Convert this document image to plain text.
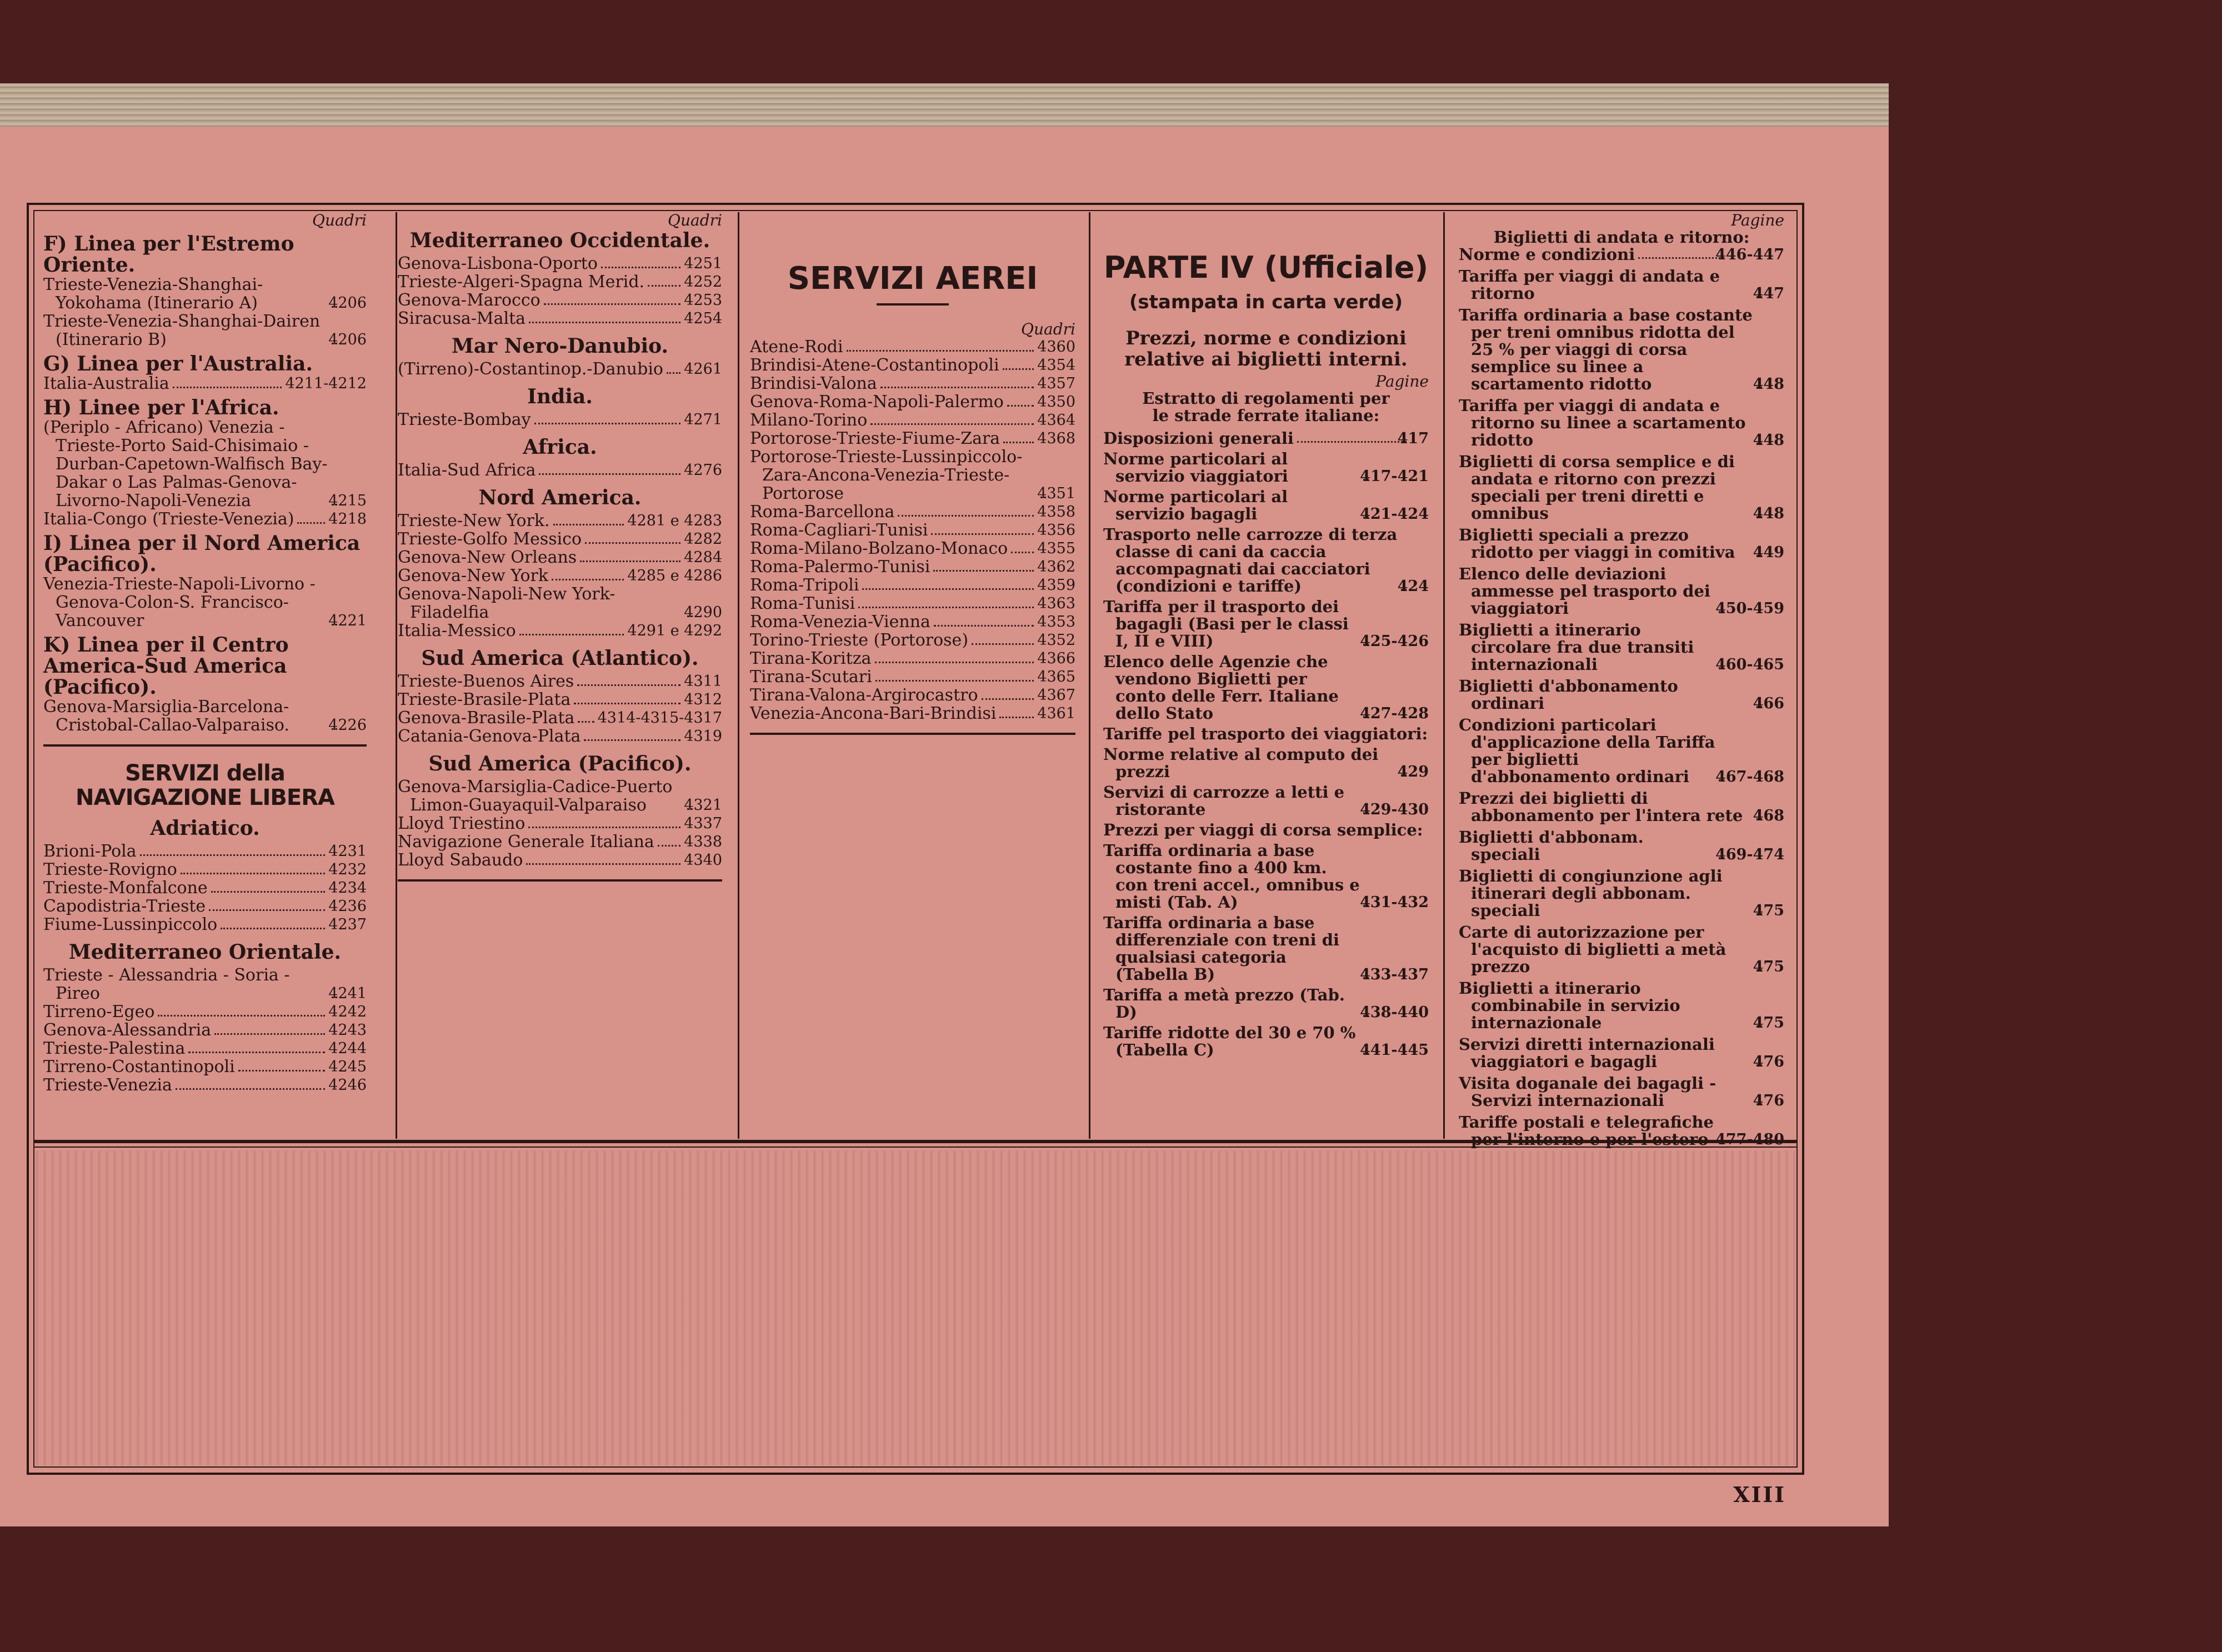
Quadri
F) Linea per l'Estremo Oriente.
Trieste-Venezia-Shanghai-Yokohama (Itinerario A)	4206
Trieste-Venezia-Shanghai-Dairen (Itinerario B)	4206
G) Linea per l'Australia.
Italia-Australia	4211-4212
H) Linee per l'Africa.
(Periplo - Africano) Venezia - Trieste-Porto Said-Chisimaio -Durban-Capetown-Walfisch Bay-Dakar o Las Palmas-Genova-Livorno-Napoli-Venezia	4215
Italia-Congo (Trieste-Venezia) 4218
I) Linea per il Nord America (Pacifico).
Venezia-Trieste-Napoli-Livorno -Genova-Colon-S. Francisco-Vancouver	4221
K) Linea per il Centro America-Sud America (Pacifico).
Genova-Marsiglia-Barcelona-Cristobal-Callao-Valparaiso.	4226
SERVIZI della NAVIGAZIONE LIBERA
Adriatico.
Brioni-Pola	4231
Trieste-Rovigno	4232
Trieste-Monfalcone	4234
Capodistria-Trieste	4236
Fiume-Lussinpiccolo	4237
Mediterraneo Orientale.
Trieste - Alessandria - Soria - Pireo	4241
Tirreno-Egeo	4242
Genova-Alessandria	4243
Trieste-Palestina	4244
Tirreno-Costantinopoli	4245
Trieste-Venezia	4246
Quadri
Mediterraneo Occidentale.
Genova-Lisbona-Oporto	4251
Trieste-Algeri-Spagna Merid.	4252
Genova-Marocco	4253
Siracusa-Malta	4254
Mar Nero-Danubio.
(Tirreno)-Costantinop.-Danubio 4261
India.
Trieste-Bombay	4271
Africa.
Italia-Sud Africa	4276
Nord America.
Trieste-New York.	4281 e 4283
Trieste-Golfo Messico	4282
Genova-New Orleans	4284
Genova-New York	4285 e 4286
Genova-Napoli-New York-Filadelfia	4290
Italia-Messico	4291 e 4292
Sud America (Atlantico).
Trieste-Buenos Aires	4311
Trieste-Brasile-Plata	4312
Genova-Brasile-Plata 4314-4315-4317
Catania-Genova-Plata	4319
Sud America (Pacifico).
Genova-Marsiglia-Cadice-Puerto Limon-Guayaquil-Valparaiso	4321
Lloyd Triestino	4337
Navigazione Generale Italiana 4338
Lloyd Sabaudo	4340
SERVIZI AEREI
Quadri
Atene-Rodi	4360
Brindisi-Atene-Costantinopoli	4354
Brindisi-Valona	4357
Genova-Roma-Napoli-Palermo 4350
Milano-Torino	4364
Portorose-Trieste-Fiume-Zara 4368
Portorose-Trieste-Lussinpiccolo-Zara-Ancona-Venezia-Trieste-Portorose	4351
Roma-Barcellona	4358
Roma-Cagliari-Tunisi	4356
Roma-Milano-Bolzano-Monaco 4355
Roma-Palermo-Tunisi	4362
Roma-Tripoli	4359
Roma-Tunisi	4363
Roma-Venezia-Vienna	4353
Torino-Trieste (Portorose)	4352
Tirana-Koritza	4366
Tirana-Scutari	4365
Tirana-Valona-Argirocastro	4367
Venezia-Ancona-Bari-Brindisi	4361
PARTE IV (Ufficiale)
(stampata in carta verde)
Prezzi, norme e condizioni relative ai biglietti interni.
Pagine
Estratto di regolamenti per le strade ferrate italiane:
Disposizioni generali	417
Norme particolari al servizio viaggiatori	417-421
Norme particolari al servizio bagagli	421-424
Trasporto nelle carrozze di terza classe di cani da caccia accompagnati dai cacciatori (condizioni e tariffe)	424
Tariffa per il trasporto dei bagagli (Basi per le classi I, II e VIII)	425-426
Elenco delle Agenzie che vendono Biglietti per conto delle Ferr. Italiane dello Stato	427-428
Tariffe pel trasporto dei viaggiatori:
Norme relative al computo dei prezzi	429
Servizi di carrozze a letti e ristorante	429-430
Prezzi per viaggi di corsa semplice:
Tariffa ordinaria a base costante fino a 400 km. con treni accel., omnibus e misti (Tab. A)	431-432
Tariffa ordinaria a base differenziale con treni di qualsiasi categoria (Tabella B)	433-437
Tariffa a metà prezzo (Tab. D)	438-440
Tariffe ridotte del 30 e 70 % (Tabella C)	441-445
Pagine
Biglietti di andata e ritorno:
Norme e condizioni	446-447
Tariffa per viaggi di andata e ritorno	447
Tariffa ordinaria a base costante per treni omnibus ridotta del 25 % per viaggi di corsa semplice su linee a scartamento ridotto	448
Tariffa per viaggi di andata e ritorno su linee a scartamento ridotto	448
Biglietti di corsa semplice e di andata e ritorno con prezzi speciali per treni diretti e omnibus	448
Biglietti speciali a prezzo ridotto per viaggi in comitiva	449
Elenco delle deviazioni ammesse pel trasporto dei viaggiatori	450-459
Biglietti a itinerario circolare fra due transiti internazionali	460-465
Biglietti d'abbonamento ordinari	466
Condizioni particolari d'applicazione della Tariffa per biglietti d'abbonamento ordinari	467-468
Prezzi dei biglietti di abbonamento per l'intera rete 468
Biglietti d'abbonam. speciali	469-474
Biglietti di congiunzione agli itinerari degli abbonam. speciali	475
Carte di autorizzazione per l'acquisto di biglietti a metà prezzo	475
Biglietti a itinerario combinabile in servizio internazionale	475
Servizi diretti internazionali viaggiatori e bagagli	476
Visita doganale dei bagagli - Servizi internazionali	476
Tariffe postali e telegrafiche per l'interno e per l'estero 477-480
XIII
